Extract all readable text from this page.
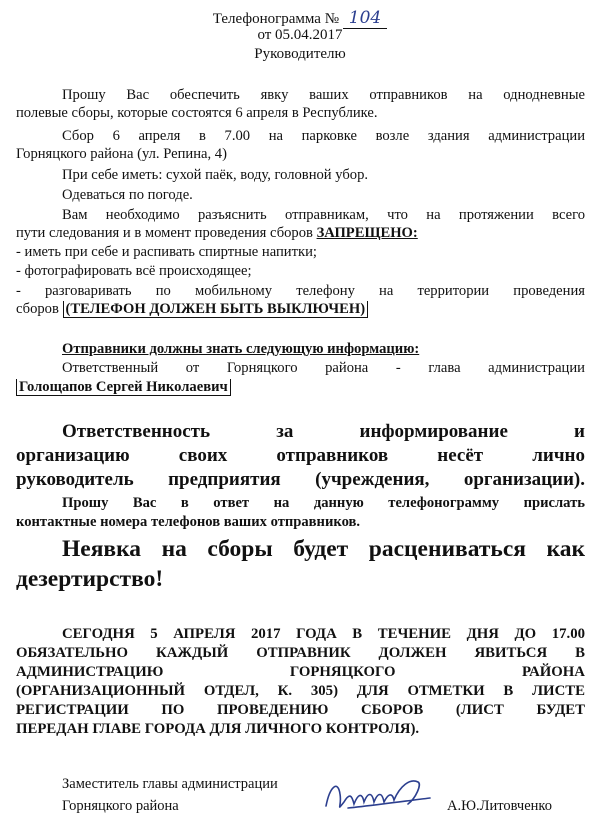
Телефонограмма № 104
от 05.04.2017
Руководителю
Прошу Вас обеспечить явку ваших отправников на однодневные
полевые сборы, которые состоятся 6 апреля в Республике.
Сбор 6 апреля в 7.00 на парковке возле здания администрации
Горняцкого района (ул. Репина, 4)
При себе иметь: сухой паёк, воду, головной убор.
Одеваться по погоде.
Вам необходимо разъяснить отправникам, что на протяжении всего
пути следования и в момент проведения сборов ЗАПРЕЩЕНО:
- иметь при себе и распивать спиртные напитки;
- фотографировать всё происходящее;
- разговаривать по мобильному телефону на территории проведения
сборов (ТЕЛЕФОН ДОЛЖЕН БЫТЬ ВЫКЛЮЧЕН)
Отправники должны знать следующую информацию:
Ответственный от Горняцкого района - глава администрации
Голощапов Сергей Николаевич
Ответственность за информирование и
организацию своих отправников несёт лично
руководитель предприятия (учреждения, организации).
Прошу Вас в ответ на данную телефонограмму прислать
контактные номера телефонов ваших отправников.
Неявка на сборы будет расцениваться как
дезертирство!
СЕГОДНЯ 5 АПРЕЛЯ 2017 ГОДА В ТЕЧЕНИЕ ДНЯ ДО 17.00
ОБЯЗАТЕЛЬНО КАЖДЫЙ ОТПРАВНИК ДОЛЖЕН ЯВИТЬСЯ В
АДМИНИСТРАЦИЮ ГОРНЯЦКОГО РАЙОНА
(ОРГАНИЗАЦИОННЫЙ ОТДЕЛ, К. 305) ДЛЯ ОТМЕТКИ В ЛИСТЕ
РЕГИСТРАЦИИ ПО ПРОВЕДЕНИЮ СБОРОВ (ЛИСТ БУДЕТ
ПЕРЕДАН ГЛАВЕ ГОРОДА ДЛЯ ЛИЧНОГО КОНТРОЛЯ).
Заместитель главы администрации
Горняцкого района	А.Ю.Литовченко
